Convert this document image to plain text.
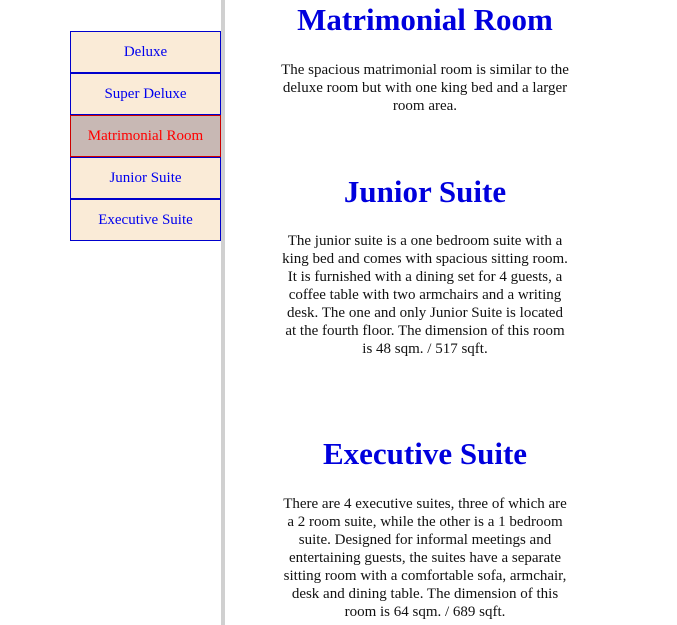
Deluxe
Super Deluxe
Matrimonial Room
Junior Suite
Executive Suite
Matrimonial Room

The spacious matrimonial room is similar to the deluxe room but with one king bed and a larger room area.

Junior Suite

The junior suite is a one bedroom suite with a king bed and comes with spacious sitting room. It is furnished with a dining set for 4 guests, a coffee table with two armchairs and a writing desk. The one and only Junior Suite is located at the fourth floor. The dimension of this room is 48 sqm. / 517 sqft.

Executive Suite

There are 4 executive suites, three of which are a 2 room suite, while the other is a 1 bedroom suite. Designed for informal meetings and entertaining guests, the suites have a separate sitting room with a comfortable sofa, armchair, desk and dining table. The dimension of this room is 64 sqm. / 689 sqft.
